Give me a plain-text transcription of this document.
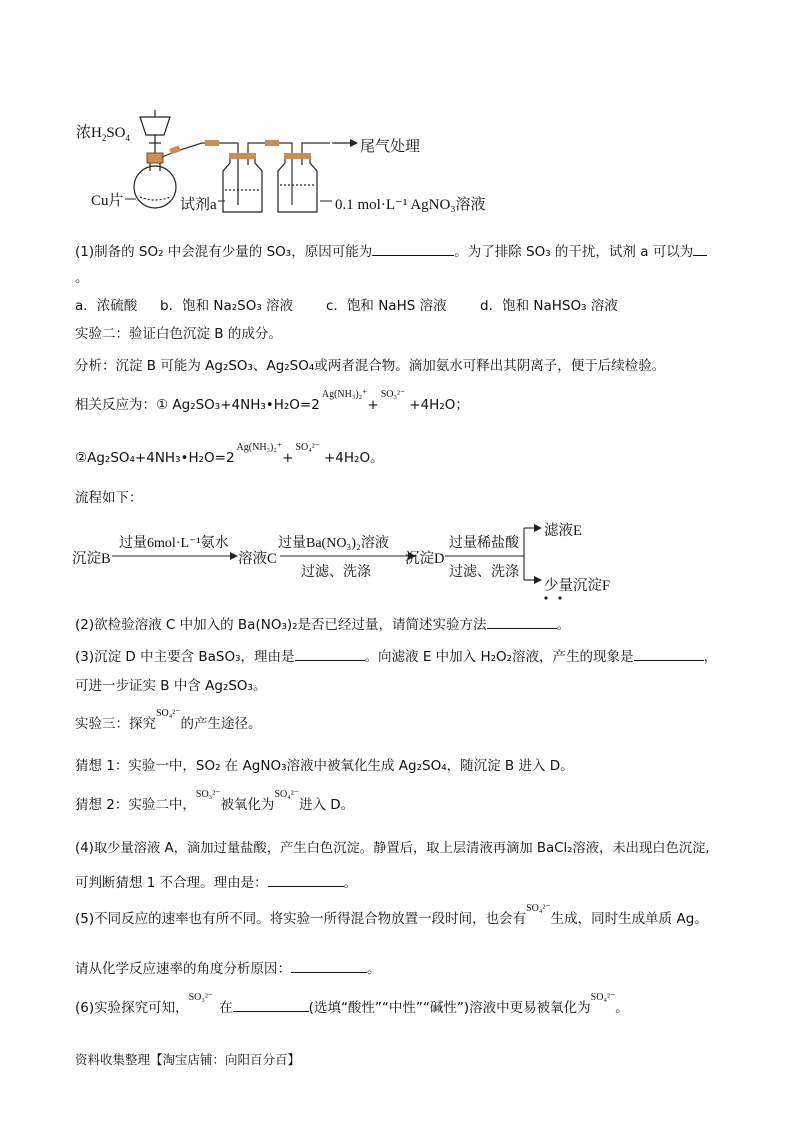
浓$H_2SO_4$
Cu片	试剂a
尾气处理
0.1 mol·L⁻¹ AgNO₃溶液
(1)制备的 SO₂ 中会混有少量的 SO₃，原因可能为	。为了排除 SO₃ 的干扰，试剂 a 可以为
。
a．浓硫酸 b．饱和 Na₂SO₃ 溶液 c．饱和 NaHS 溶液 d．饱和 NaHSO₃ 溶液
实验二：验证白色沉淀 B 的成分。
分析：沉淀 B 可能为 Ag₂SO₃、Ag₂SO₄或两者混合物。滴加氨水可释出其阴离子，便于后续检验。
相关反应为：① $Ag_2SO_3+4NH_3•H_2O=2^{Ag(NH_3)_2^+}+^{SO_3^{2-}}+4H_2O$；
$②Ag_2SO_4+4NH_3•H_2O=2^{Ag(NH_3)_2^+}+^{SO_4^{2-}}+4H_2O$。
流程如下：
沉淀B
过量6mol·L⁻¹氨水
溶液C
过量Ba(NO₃)₂溶液
过滤、洗涤
沉淀D
过量稀盐酸
过滤、洗涤
滤液E
少量沉淀F
(2)欲检验溶液 C 中加入的 Ba(NO₃)₂是否已经过量，请简述实验方法	。
(3)沉淀 D 中主要含 BaSO₃，理由是	。向滤液 E 中加入 H₂O₂溶液，产生的现象是	，
可进一步证实 B 中含 Ag₂SO₃。
实验三：探究$^{SO_4^{2-}}$的产生途径。
猜想 1：实验一中，SO₂ 在 AgNO₃溶液中被氧化生成 Ag₂SO₄，随沉淀 B 进入 D。
猜想 2：实验二中，$^{SO_3^{2-}}$被氧化为$^{SO_4^{2-}}$进入 D。
(4)取少量溶液 A，滴加过量盐酸，产生白色沉淀。静置后，取上层清液再滴加 BaCl₂溶液，未出现白色沉淀,
可判断猜想 1 不合理。理由是：	。
(5)不同反应的速率也有所不同。将实验一所得混合物放置一段时间，也会有$^{SO_4^{2-}}$生成，同时生成单质 Ag。
请从化学反应速率的角度分析原因：	。
(6)实验探究可知，$^{SO_3^{2-}}$在	(选填“酸性”“中性”“碱性”)溶液中更易被氧化为$^{SO_4^{2-}}$。
资料收集整理【淘宝店铺：向阳百分百】
